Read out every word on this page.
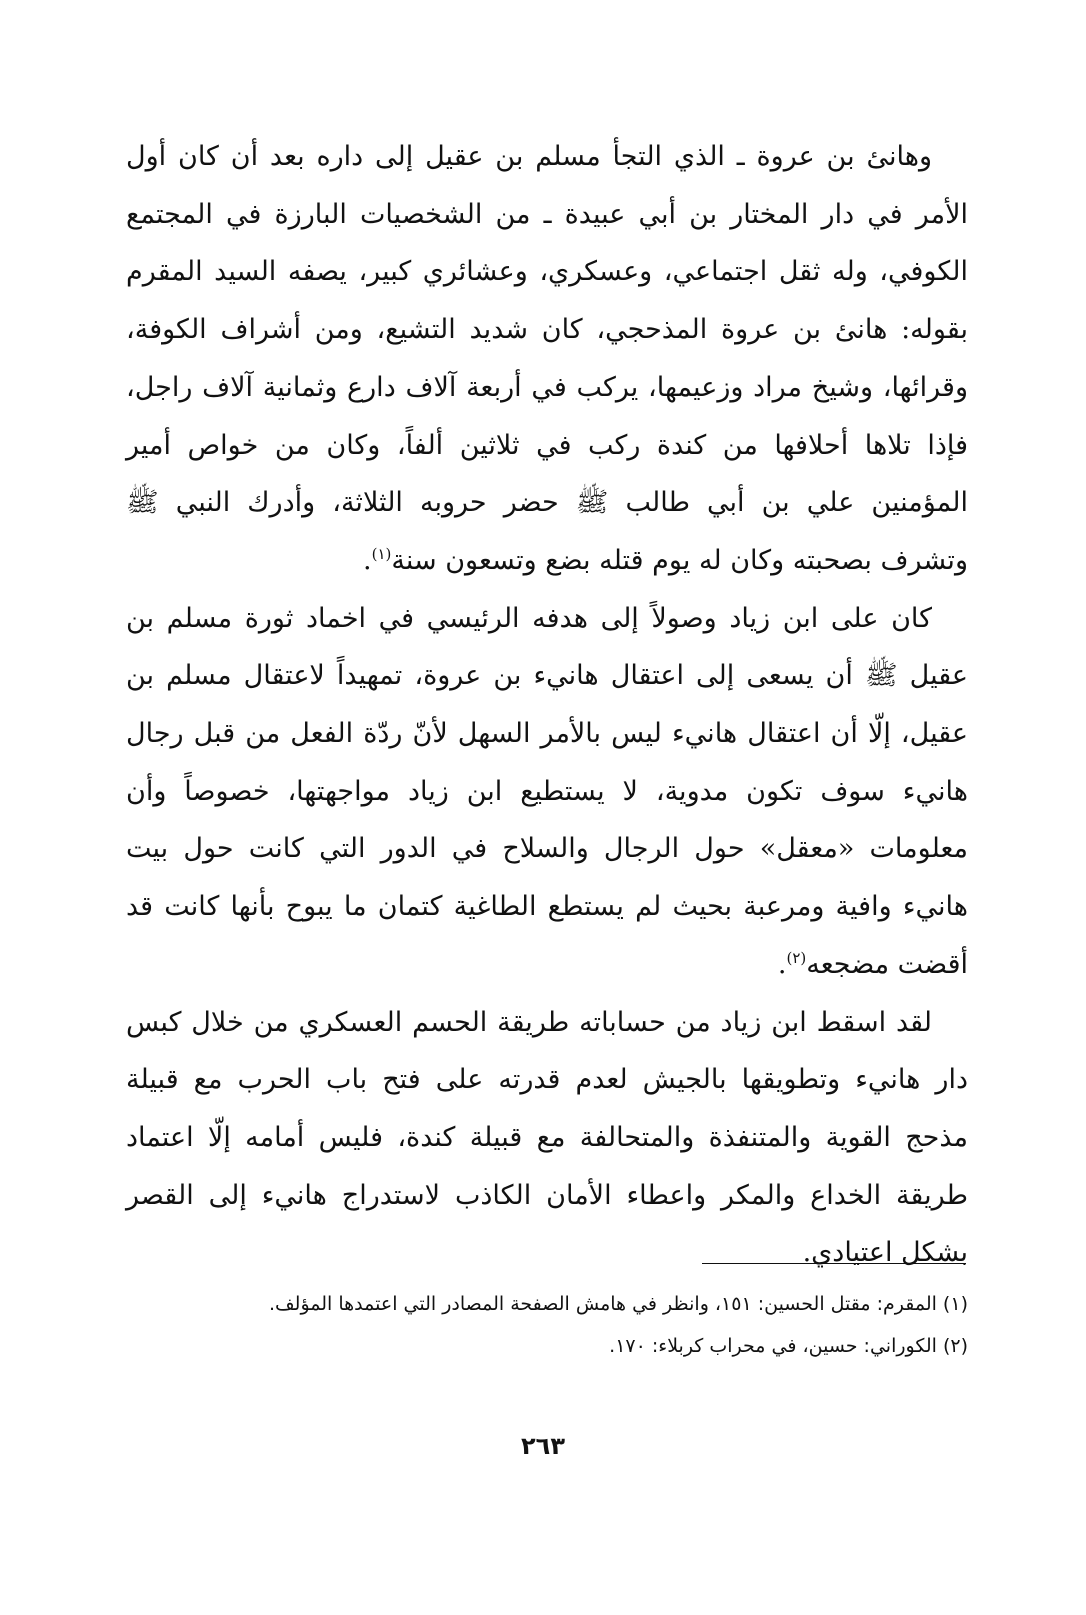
وهانئ بن عروة ـ الذي التجأ مسلم بن عقيل إلى داره بعد أن كان أول الأمر في دار المختار بن أبي عبيدة ـ من الشخصيات البارزة في المجتمع الكوفي، وله ثقل اجتماعي، وعسكري، وعشائري كبير، يصفه السيد المقرم بقوله: هانئ بن عروة المذحجي، كان شديد التشيع، ومن أشراف الكوفة، وقرائها، وشيخ مراد وزعيمها، يركب في أربعة آلاف دارع وثمانية آلاف راجل، فإذا تلاها أحلافها من كندة ركب في ثلاثين ألفاً، وكان من خواص أمير المؤمنين علي بن أبي طالب ﷺ حضر حروبه الثلاثة، وأدرك النبي ﷺ وتشرف بصحبته وكان له يوم قتله بضع وتسعون سنة$^{(١)}$.

كان على ابن زياد وصولاً إلى هدفه الرئيسي في اخماد ثورة مسلم بن عقيل ﷺ أن يسعى إلى اعتقال هانيء بن عروة، تمهيداً لاعتقال مسلم بن عقيل، إلّا أن اعتقال هانيء ليس بالأمر السهل لأنّ ردّة الفعل من قبل رجال هانيء سوف تكون مدوية، لا يستطيع ابن زياد مواجهتها، خصوصاً وأن معلومات «معقل» حول الرجال والسلاح في الدور التي كانت حول بيت هانيء وافية ومرعبة بحيث لم يستطع الطاغية كتمان ما يبوح بأنها كانت قد أقضت مضجعه$^{(٢)}$.

لقد اسقط ابن زياد من حساباته طريقة الحسم العسكري من خلال كبس دار هانيء وتطويقها بالجيش لعدم قدرته على فتح باب الحرب مع قبيلة مذحج القوية والمتنفذة والمتحالفة مع قبيلة كندة، فليس أمامه إلّا اعتماد طريقة الخداع والمكر واعطاء الأمان الكاذب لاستدراج هانيء إلى القصر بشكل اعتيادي.

(١) المقرم: مقتل الحسين: ١٥١، وانظر في هامش الصفحة المصادر التي اعتمدها المؤلف.

(٢) الكوراني: حسين، في محراب كربلاء: ١٧٠.

٢٦٣
